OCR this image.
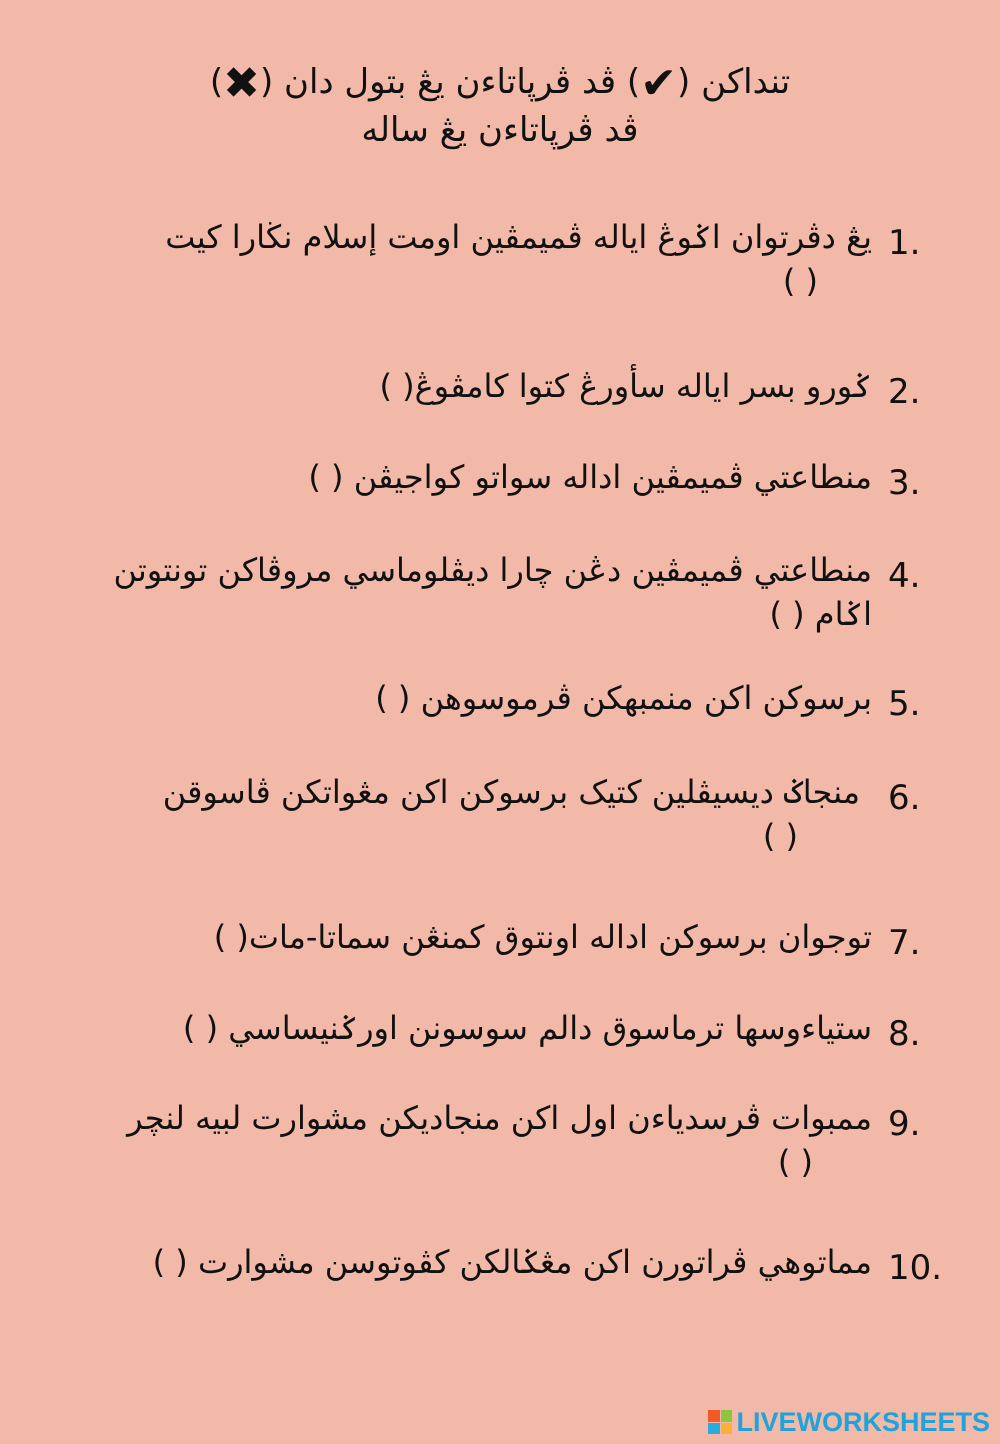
تنداكن (✔) ڤد ڤرڽاتاءن يڠ بتول دان (✖)
ڤد ڤرڽاتاءن يڠ ساله
1.
يڠ دڤرتوان اݢوڠ اياله ڤميمڤين اومت إسلام نڬارا كيت
( )
2.
ݢورو بسر اياله سأورڠ كتوا كامڤوڠ( )
3.
منطاعتي ڤميمڤين اداله سواتو كواجيڤن ( )
4.
منطاعتي ڤميمڤين دڠن چارا ديڤلوماسي مروڤاكن تونتوتن
اݢام ( )
5.
برسوكن اكن منمبهكن ڤرموسوهن ( )
6.
منجاݢ ديسيڤلين كتيک برسوكن اكن مڠواتكن ڤاسوقن
( )
7.
توجوان برسوكن اداله اونتوق كمنڠن سماتا-مات( )
8.
ستياءوسها ترماسوق دالم سوسونن اورݢنيساسي ( )
9.
ممبوات ڤرسدياءن اول اكن منجاديكن مشوارت لبيه لنچر
( )
10.
مماتوهي ڤراتورن اكن مڠݢالكن كڤوتوسن مشوارت ( )
LIVEWORKSHEETS
